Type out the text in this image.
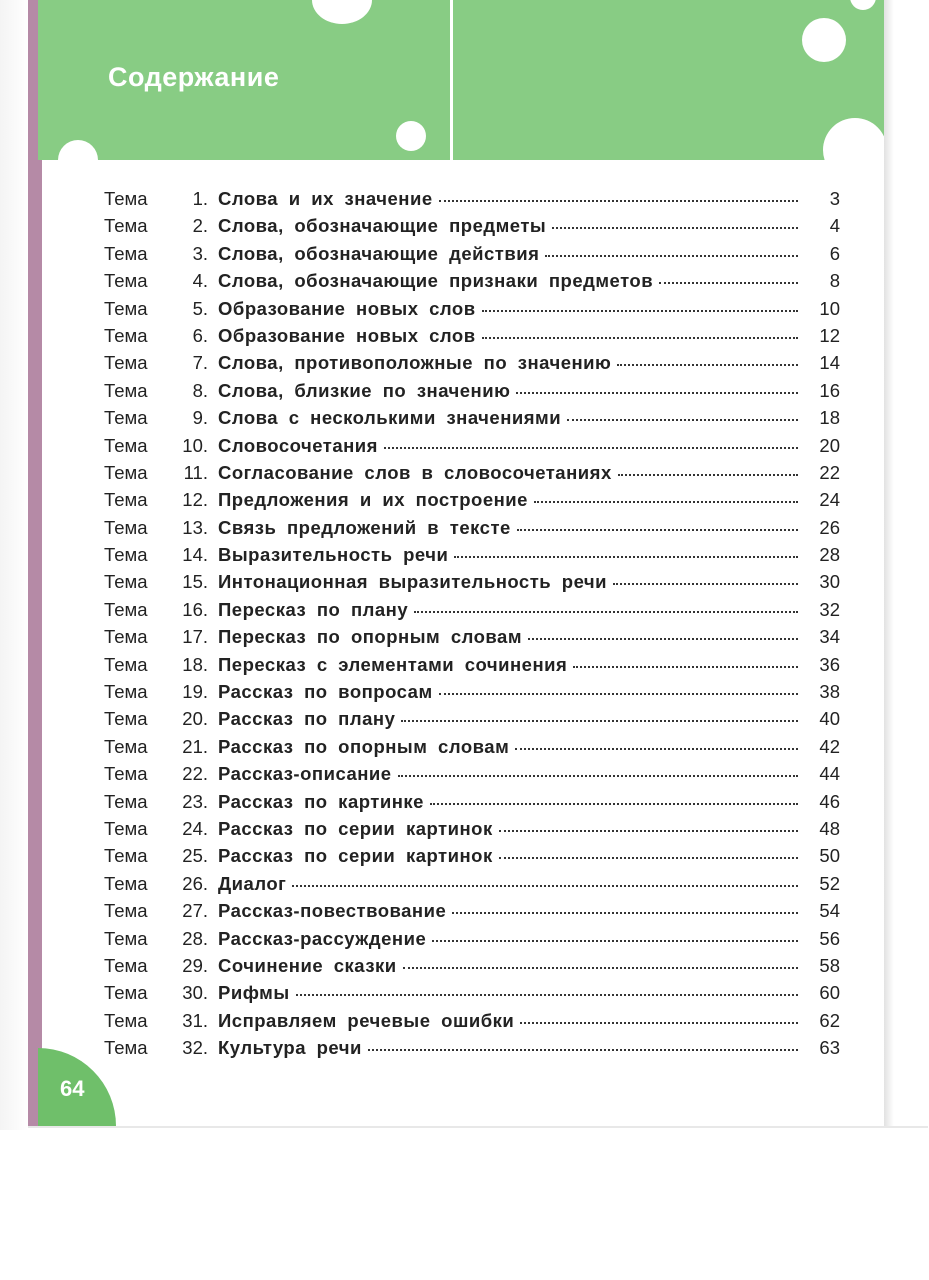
Содержание
Тема	1. Слова и их значение	3
Тема	2. Слова, обозначающие предметы	4
Тема	3. Слова, обозначающие действия	6
Тема	4. Слова, обозначающие признаки предметов	8
Тема	5. Образование новых слов	10
Тема	6. Образование новых слов	12
Тема	7. Слова, противоположные по значению	14
Тема	8. Слова, близкие по значению	16
Тема	9. Слова с несколькими значениями	18
Тема	10. Словосочетания	20
Тема	11. Согласование слов в словосочетаниях	22
Тема	12. Предложения и их построение	24
Тема	13. Связь предложений в тексте	26
Тема	14. Выразительность речи	28
Тема	15. Интонационная выразительность речи	30
Тема	16. Пересказ по плану	32
Тема	17. Пересказ по опорным словам	34
Тема	18. Пересказ с элементами сочинения	36
Тема	19. Рассказ по вопросам	38
Тема	20. Рассказ по плану	40
Тема	21. Рассказ по опорным словам	42
Тема	22. Рассказ-описание	44
Тема	23. Рассказ по картинке	46
Тема	24. Рассказ по серии картинок	48
Тема	25. Рассказ по серии картинок	50
Тема	26. Диалог	52
Тема	27. Рассказ-повествование	54
Тема	28. Рассказ-рассуждение	56
Тема	29. Сочинение сказки	58
Тема	30. Рифмы	60
Тема	31. Исправляем речевые ошибки	62
Тема	32. Культура речи	63

64
